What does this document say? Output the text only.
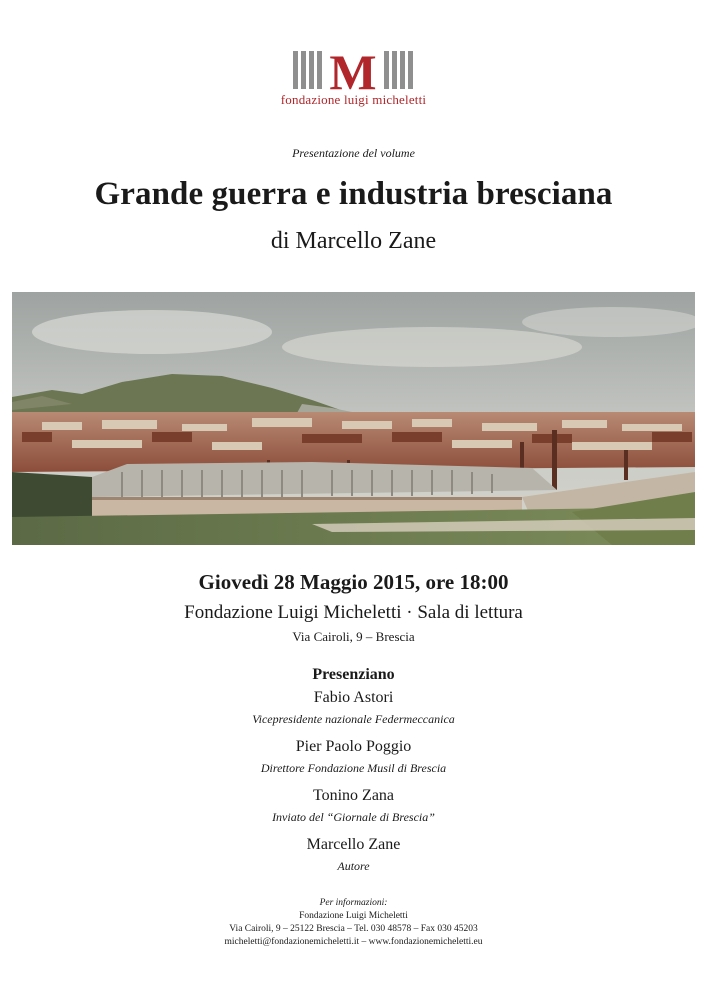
M
fondazione luigi micheletti
Presentazione del volume
Grande guerra e industria bresciana
di Marcello Zane
Giovedì 28 Maggio 2015, ore 18:00
Fondazione Luigi Micheletti · Sala di lettura
Via Cairoli, 9 – Brescia
Presenziano
Fabio Astori
Vicepresidente nazionale Federmeccanica
Pier Paolo Poggio
Direttore Fondazione Musil di Brescia
Tonino Zana
Inviato del “Giornale di Brescia”
Marcello Zane
Autore
Per informazioni:
Fondazione Luigi Micheletti
Via Cairoli, 9 – 25122 Brescia – Tel. 030 48578 – Fax 030 45203
micheletti@fondazionemicheletti.it – www.fondazionemicheletti.eu
